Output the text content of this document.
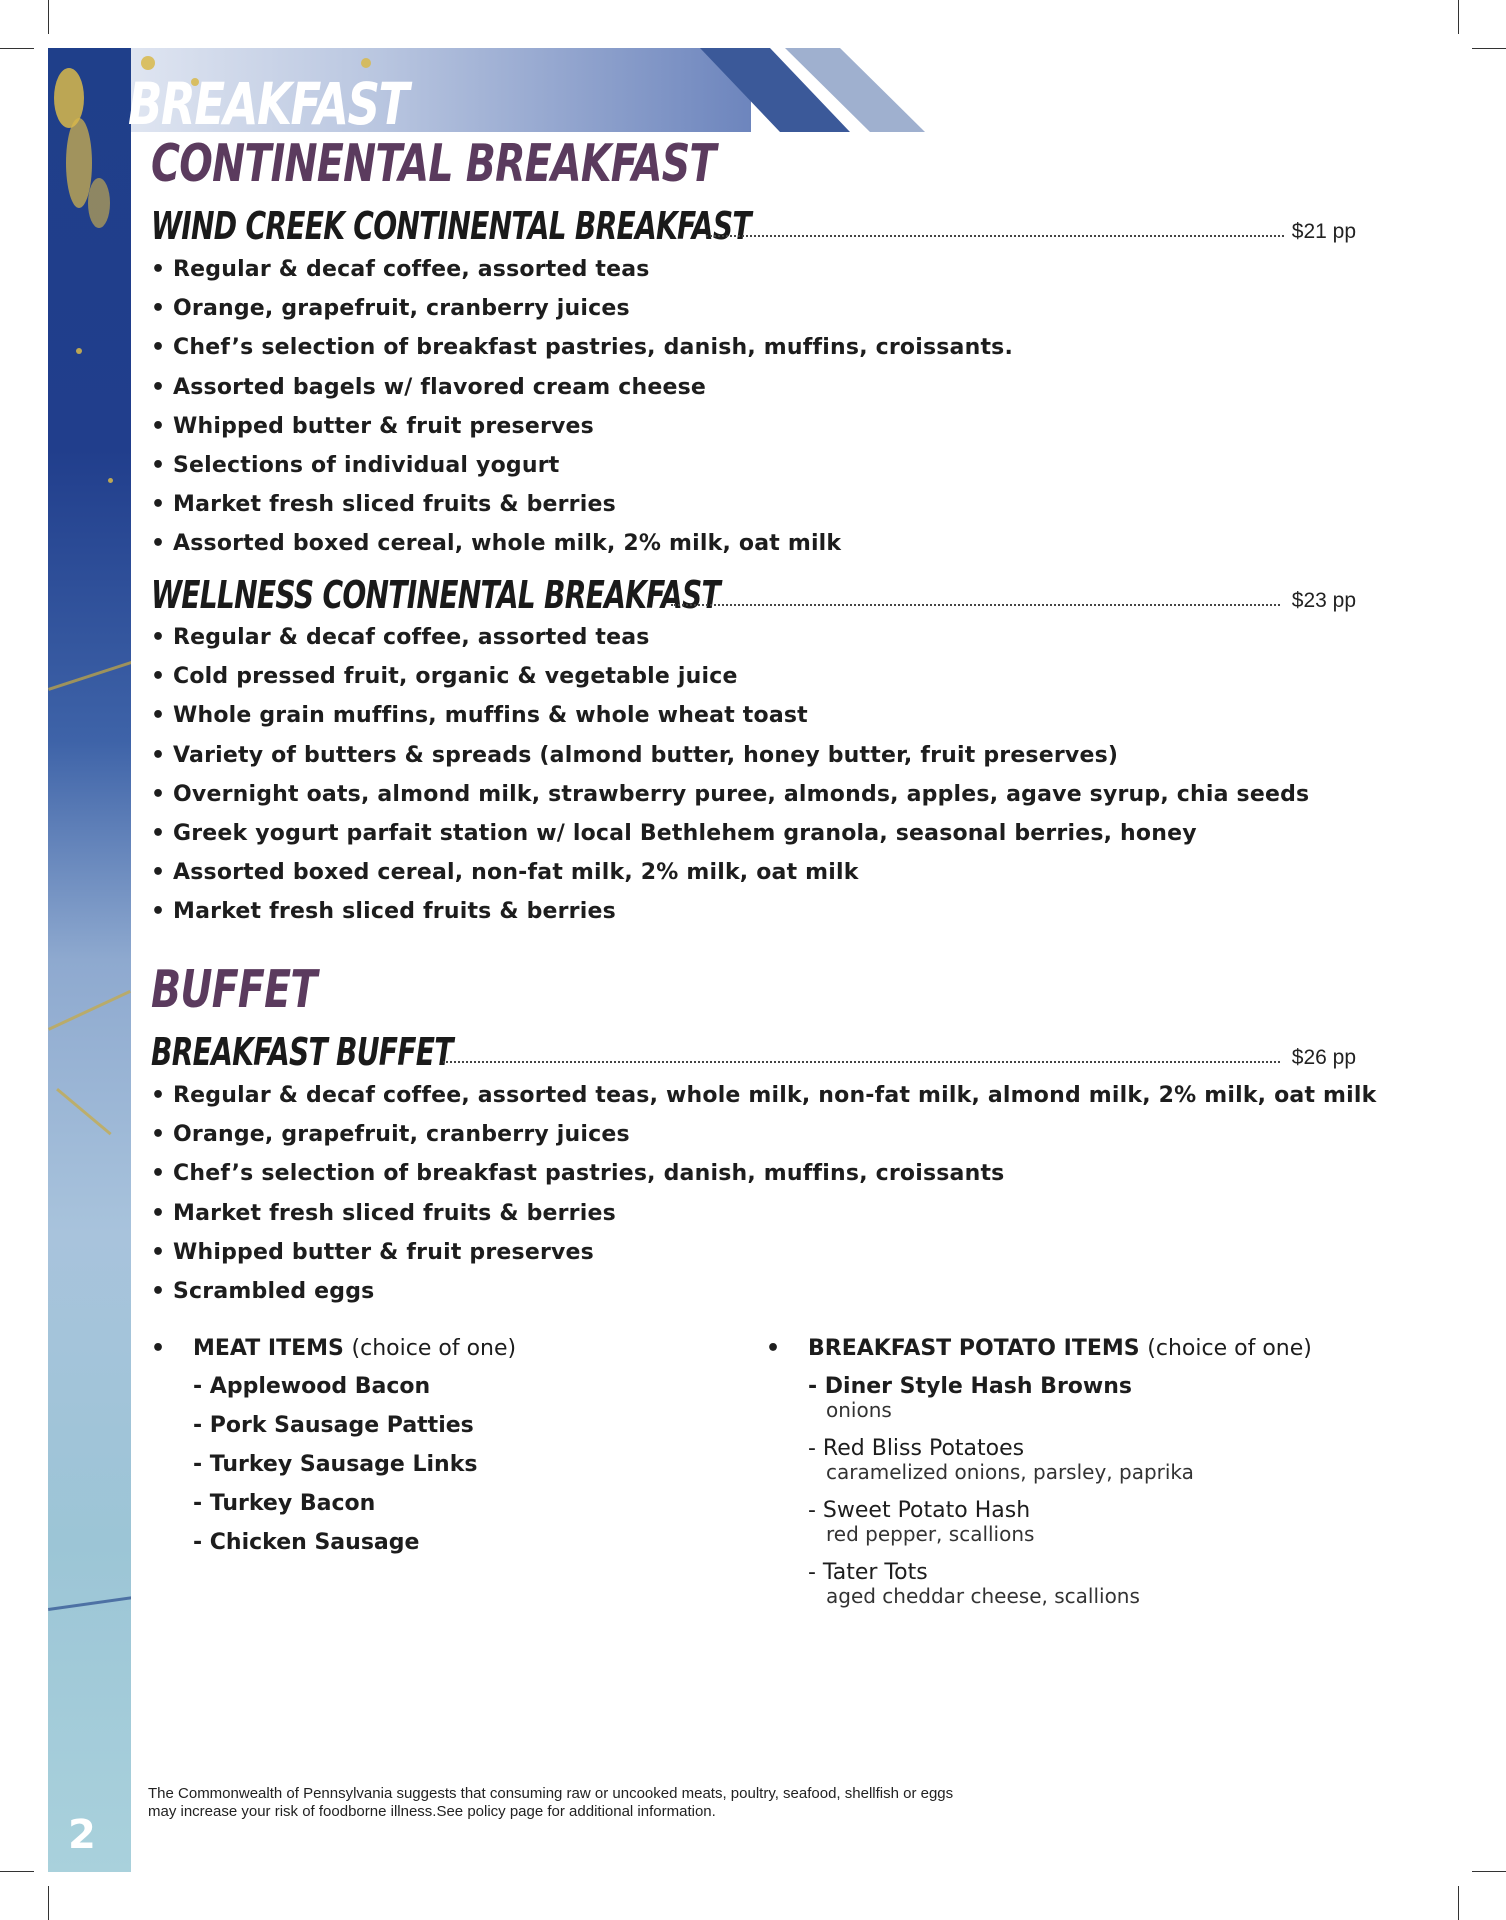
BREAKFAST
CONTINENTAL BREAKFAST
WIND CREEK CONTINENTAL BREAKFAST	$21 pp
• Regular & decaf coffee, assorted teas
• Orange, grapefruit, cranberry juices
• Chef’s selection of breakfast pastries, danish, muffins, croissants.
• Assorted bagels w/ flavored cream cheese
• Whipped butter & fruit preserves
• Selections of individual yogurt
• Market fresh sliced fruits & berries
• Assorted boxed cereal, whole milk, 2% milk, oat milk
WELLNESS CONTINENTAL BREAKFAST	$23 pp
• Regular & decaf coffee, assorted teas
• Cold pressed fruit, organic & vegetable juice
• Whole grain muffins, muffins & whole wheat toast
• Variety of butters & spreads (almond butter, honey butter, fruit preserves)
• Overnight oats, almond milk, strawberry puree, almonds, apples, agave syrup, chia seeds
• Greek yogurt parfait station w/ local Bethlehem granola, seasonal berries, honey
• Assorted boxed cereal, non-fat milk, 2% milk, oat milk
• Market fresh sliced fruits & berries
BUFFET
BREAKFAST BUFFET	$26 pp
• Regular & decaf coffee, assorted teas, whole milk, non-fat milk, almond milk, 2% milk, oat milk
• Orange, grapefruit, cranberry juices
• Chef’s selection of breakfast pastries, danish, muffins, croissants
• Market fresh sliced fruits & berries
• Whipped butter & fruit preserves
• Scrambled eggs
• MEAT ITEMS (choice of one)
- Applewood Bacon
- Pork Sausage Patties
- Turkey Sausage Links
- Turkey Bacon
- Chicken Sausage
• BREAKFAST POTATO ITEMS (choice of one)
- Diner Style Hash Browns
onions
- Red Bliss Potatoes
caramelized onions, parsley, paprika
- Sweet Potato Hash
red pepper, scallions
- Tater Tots
aged cheddar cheese, scallions
The Commonwealth of Pennsylvania suggests that consuming raw or uncooked meats, poultry, seafood, shellfish or eggs
may increase your risk of foodborne illness.See policy page for additional information.
2
